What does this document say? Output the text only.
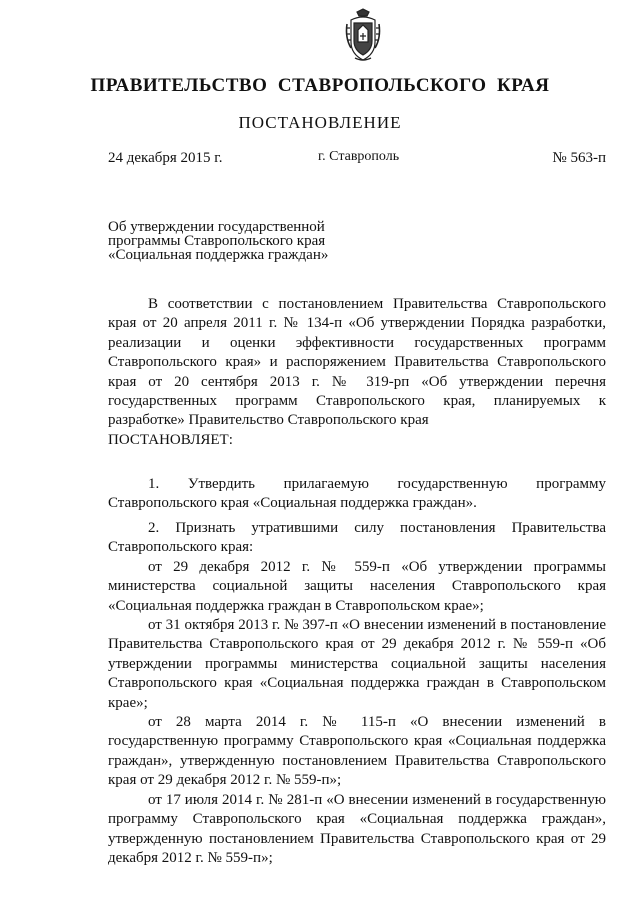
ПРАВИТЕЛЬСТВО  СТАВРОПОЛЬСКОГО  КРАЯ
ПОСТАНОВЛЕНИЕ
24 декабря 2015 г.	г. Ставрополь	№ 563-п
Об утверждении государственной
программы Ставропольского края
«Социальная поддержка граждан»

В соответствии с постановлением Правительства Ставропольского края от 20 апреля 2011 г. № 134-п «Об утверждении Порядка разработки, реализации и оценки эффективности государственных программ Ставропольского края» и распоряжением Правительства Ставропольского края от 20 сентября 2013 г. № 319-рп «Об утверждении перечня государственных программ Ставропольского края, планируемых к разработке» Правительство Ставропольского края

ПОСТАНОВЛЯЕТ:

1. Утвердить прилагаемую государственную программу Ставропольского края «Социальная поддержка граждан».

2. Признать утратившими силу постановления Правительства Ставропольского края:

от 29 декабря 2012 г. № 559-п «Об утверждении программы министерства социальной защиты населения Ставропольского края «Социальная поддержка граждан в Ставропольском крае»;

от 31 октября 2013 г. № 397-п «О внесении изменений в постановление Правительства Ставропольского края от 29 декабря 2012 г. № 559-п «Об утверждении программы министерства социальной защиты населения Ставропольского края «Социальная поддержка граждан в Ставропольском крае»;

от 28 марта 2014 г. № 115-п «О внесении изменений в государственную программу Ставропольского края «Социальная поддержка граждан», утвержденную постановлением Правительства Ставропольского края от 29 декабря 2012 г. № 559-п»;

от 17 июля 2014 г. № 281-п «О внесении изменений в государственную программу Ставропольского края «Социальная поддержка граждан», утвержденную постановлением Правительства Ставропольского края от 29 декабря 2012 г. № 559-п»;
